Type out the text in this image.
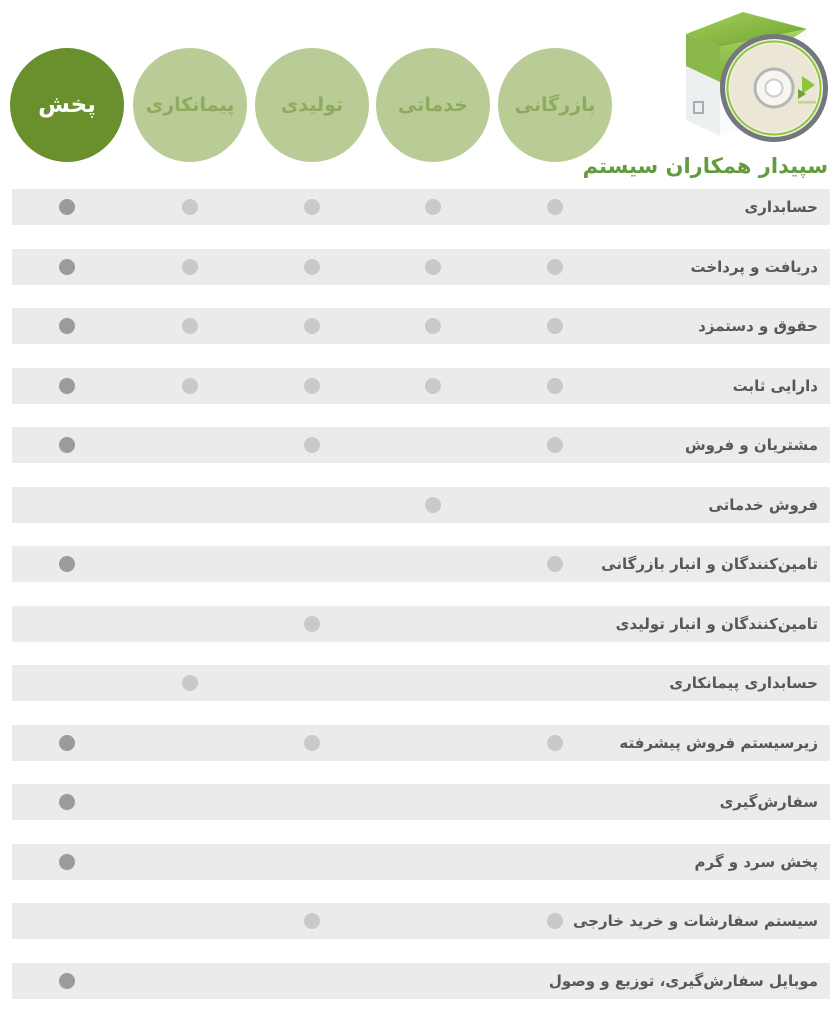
سپیدار همکاران سیستم
پخش	پیمانکاری تولیدی	خدماتی بازرگانی
حسابداری
دریافت و پرداخت
حقوق و دستمزد
دارایی ثابت
مشتریان و فروش
فروش خدماتی
تامین‌کنندگان و انبار بازرگانی
تامین‌کنندگان و انبار تولیدی
حسابداری پیمانکاری
زیرسیستم فروش پیشرفته
سفارش‌گیری
پخش سرد و گرم
سیستم سفارشات و خرید خارجی
موبایل سفارش‌گیری، توزیع و وصول
